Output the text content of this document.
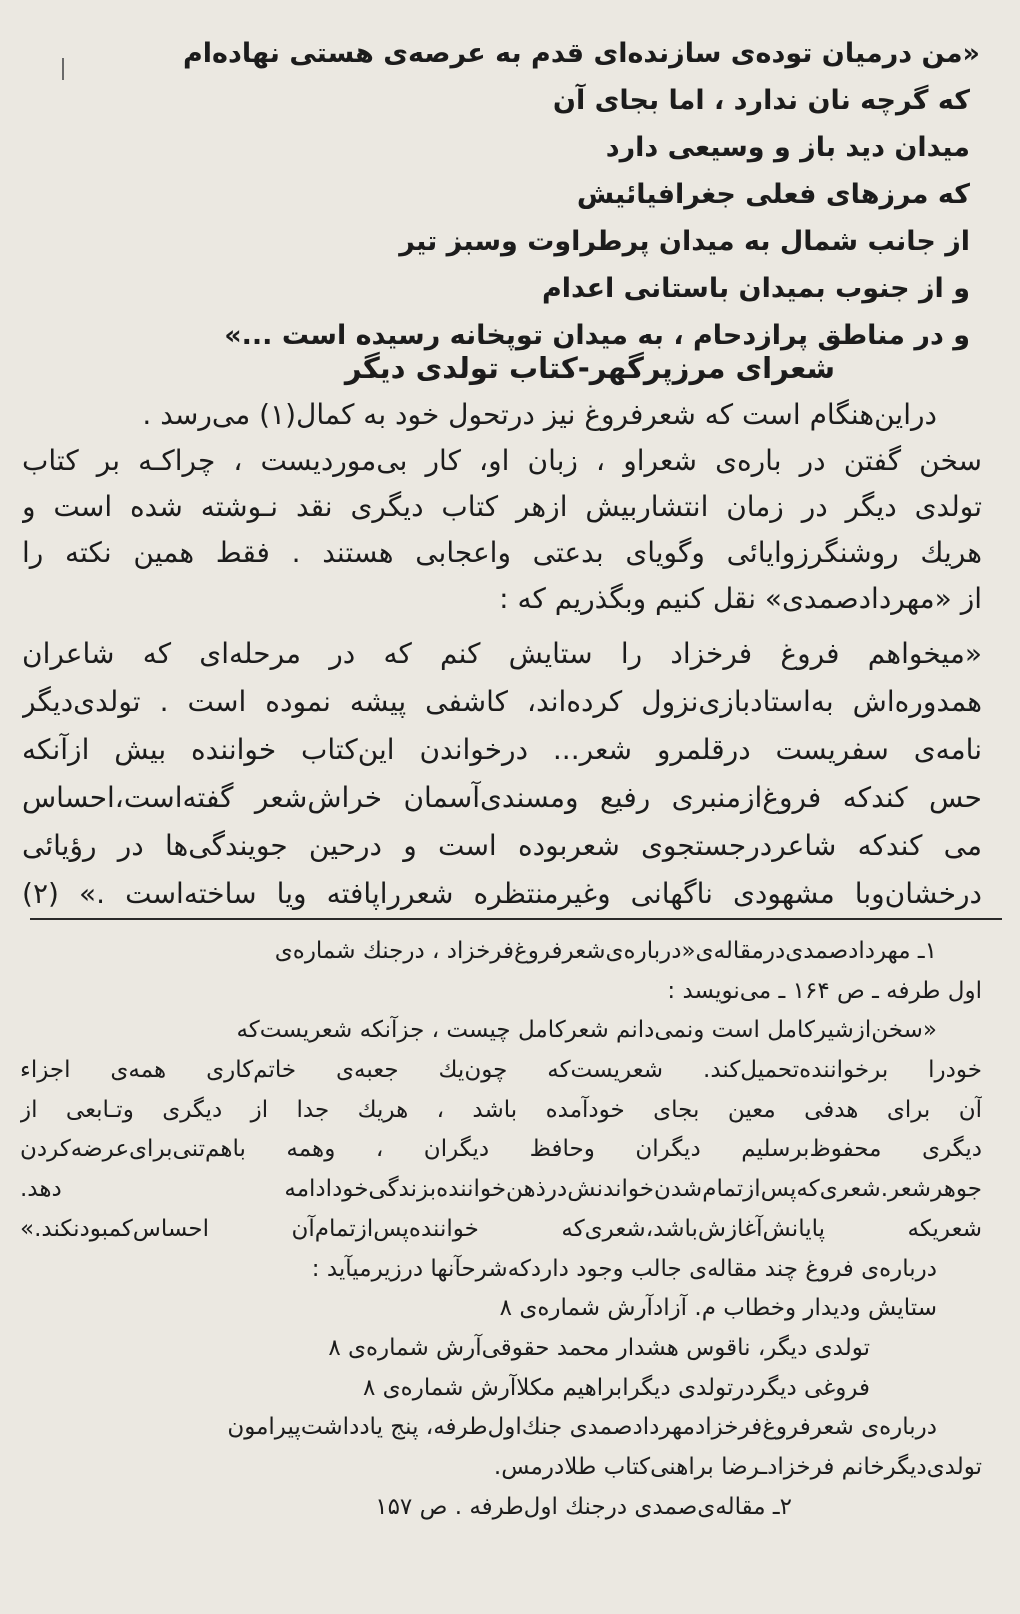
«من درمیان توده‌ی سازنده‌ای قدم به عرصه‌ی هستی نهاده‌ام
که گرچه نان ندارد ، اما بجای آن
میدان دید باز و وسیعی دارد
که مرزهای فعلی جغرافیائیش
از جانب شمال به میدان پرطراوت وسبز تیر
و از جنوب بمیدان باستانی اعدام
و در مناطق پرازدحام ، به میدان توپخانه رسیده است ...»
شعرای مرزپرگهر-کتاب تولدی دیگر
دراین‌هنگام است که شعرفروغ نیز درتحول خود به کمال(١) می‌رسد .
سخن گفتن در باره‌ی شعراو ، زبان او، کار بی‌موردیست ، چراکـه بر کتاب
تولدی دیگر در زمان انتشاربیش ازهر کتاب دیگری نقد نـوشته شده است و
هریك روشنگرزوایائی وگویای بدعتی واعجابی هستند . فقط همین نکته را
از «مهردادصمدی» نقل کنیم وبگذریم که :
«میخواهم فروغ فرخزاد را ستایش کنم که در مرحله‌ای که شاعران
همدوره‌اش به‌استادبازی‌نزول کرده‌اند، کاشفی پیشه نموده است . تولدی‌دیگر
نامه‌ی سفریست درقلمرو شعر... درخواندن این‌کتاب خواننده بیش ازآنکه
حس کندکه فروغ‌ازمنبری رفیع ومسندی‌آسمان خراش‌شعر گفته‌است،احساس
می کندکه شاعردرجستجوی شعربوده است و درحین جویندگی‌ها در رؤیائی
درخشان‌وبا مشهودی ناگهانی وغیرمنتظره شعرراپافته ویا ساخته‌است .» (٢)
١ـ مهردادصمدی‌درمقاله‌ی«درباره‌ی‌شعرفروغ‌فرخزاد ، درجنك شماره‌ی
اول طرفه ـ ص ١۶۴ ـ می‌نویسد :
«سخن‌ازشیرکامل است ونمی‌دانم شعرکامل چیست ، جزآنکه شعریست‌که
خودرا برخواننده‌تحمیل‌کند. شعریست‌که چون‌یك جعبه‌ی خاتم‌کاری همه‌ی اجزاء
آن برای هدفی معین بجای خودآمده باشد ، هریك جدا از دیگری وتـابعی از
دیگری محفوظ‌برسلیم دیگران وحافظ دیگران ، وهمه باهم‌تنی‌برای‌عرضه‌کردن
جوهرشعر.شعری‌که‌پس‌ازتمام‌شدن‌خواندنش‌درذهن‌خواننده‌بزندگی‌خودادامه دهد.
شعریکه پایانش‌آغازش‌باشد،شعری‌که خواننده‌پس‌ازتمام‌آن احساس‌کمبودنکند.»
درباره‌ی فروغ چند مقاله‌ی جالب وجود داردکه‌شرحآنها درزیرمیآید :
ستایش ودیدار وخطاب م. آزادآرش شماره‌ی ٨
تولدی دیگر، ناقوس هشدار محمد حقوقی‌آرش شماره‌ی ٨
فروغی دیگردرتولدی دیگرابراهیم مکلاآرش شماره‌ی ٨
درباره‌ی شعرفروغ‌فرخزادمهردادصمدی جنك‌اول‌طرفه، پنج یادداشت‌پیرامون
تولدی‌دیگرخانم فرخزادـرضا براهنی‌کتاب طلادرمس.
٢ـ مقاله‌ی‌صمدی درجنك اول‌طرفه . ص ١۵٧
